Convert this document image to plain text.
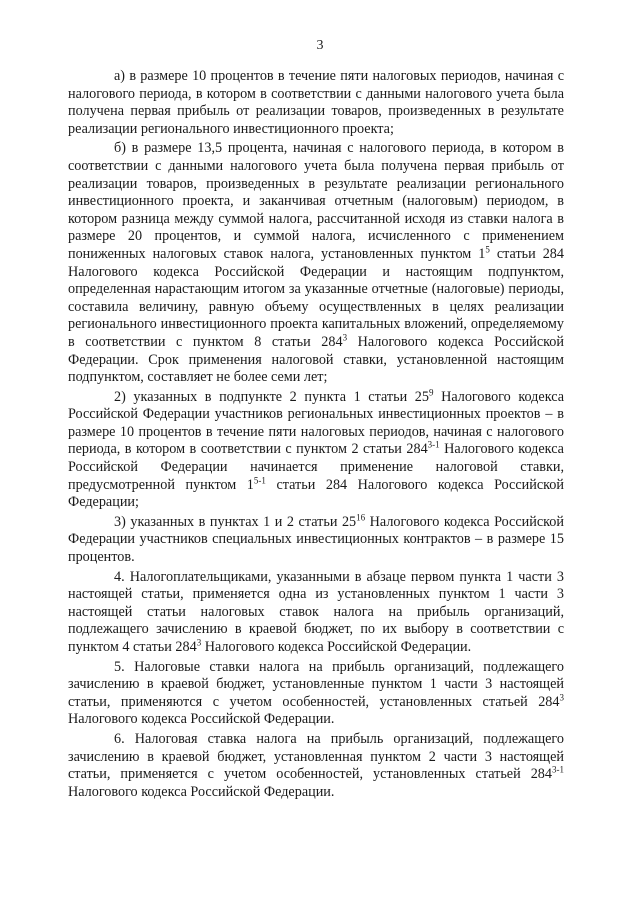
3

а) в размере 10 процентов в течение пяти налоговых периодов, начиная с налогового периода, в котором в соответствии с данными налогового учета была получена первая прибыль от реализации товаров, произведенных в результате реализации регионального инвестиционного проекта;

б) в размере 13,5 процента, начиная с налогового периода, в котором в соответствии с данными налогового учета была получена первая прибыль от реализации товаров, произведенных в результате реализации регионального инвестиционного проекта, и заканчивая отчетным (налоговым) периодом, в котором разница между суммой налога, рассчитанной исходя из ставки налога в размере 20 процентов, и суммой налога, исчисленного с применением пониженных налоговых ставок налога, установленных пунктом $1^5$ статьи 284 Налогового кодекса Российской Федерации и настоящим подпунктом, определенная нарастающим итогом за указанные отчетные (налоговые) периоды, составила величину, равную объему осуществленных в целях реализации регионального инвестиционного проекта капитальных вложений, определяемому в соответствии с пунктом 8 статьи $284^3$ Налогового кодекса Российской Федерации. Срок применения налоговой ставки, установленной настоящим подпунктом, составляет не более семи лет;

2) указанных в подпункте 2 пункта 1 статьи $25^9$ Налогового кодекса Российской Федерации участников региональных инвестиционных проектов – в размере 10 процентов в течение пяти налоговых периодов, начиная с налогового периода, в котором в соответствии с пунктом 2 статьи 284$^{3-1}$ Налогового кодекса Российской Федерации начинается применение налоговой ставки, предусмотренной пунктом 1$^{5-1}$ статьи 284 Налогового кодекса Российской Федерации;

3) указанных в пунктах 1 и 2 статьи $25^{16}$ Налогового кодекса Российской Федерации участников специальных инвестиционных контрактов – в размере 15 процентов.

4. Налогоплательщиками, указанными в абзаце первом пункта 1 части 3 настоящей статьи, применяется одна из установленных пунктом 1 части 3 настоящей статьи налоговых ставок налога на прибыль организаций, подлежащего зачислению в краевой бюджет, по их выбору в соответствии с пунктом 4 статьи $284^3$ Налогового кодекса Российской Федерации.

5. Налоговые ставки налога на прибыль организаций, подлежащего зачислению в краевой бюджет, установленные пунктом 1 части 3 настоящей статьи, применяются с учетом особенностей, установленных статьей $284^3$ Налогового кодекса Российской Федерации.

6. Налоговая ставка налога на прибыль организаций, подлежащего зачислению в краевой бюджет, установленная пунктом 2 части 3 настоящей статьи, применяется с учетом особенностей, установленных статьей 284$^{3-1}$ Налогового кодекса Российской Федерации.
